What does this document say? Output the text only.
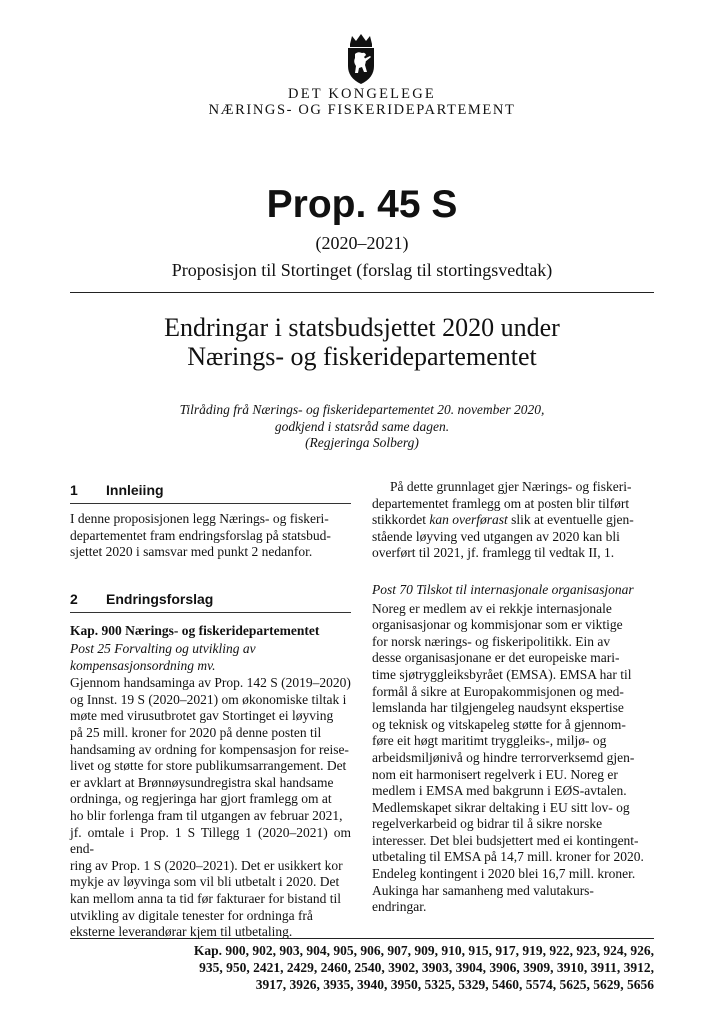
DET KONGELEGE
NÆRINGS- OG FISKERIDEPARTEMENT
Prop. 45 S
(2020–2021)
Proposisjon til Stortinget (forslag til stortingsvedtak)
Endringar i statsbudsjettet 2020 under
Nærings- og fiskeridepartementet
Tilråding frå Nærings- og fiskeridepartementet 20. november 2020,
godkjend i statsråd same dagen.
(Regjeringa Solberg)
1 Innleiing
I denne proposisjonen legg Nærings- og fiskeri-
departementet fram endringsforslag på statsbud-
sjettet 2020 i samsvar med punkt 2 nedanfor.
2 Endringsforslag
Kap. 900 Nærings- og fiskeridepartementet
Post 25 Forvalting og utvikling av
kompensasjonsordning mv.
Gjennom handsaminga av Prop. 142 S (2019–2020)
og Innst. 19 S (2020–2021) om økonomiske tiltak i
møte med virusutbrotet gav Stortinget ei løyving
på 25 mill. kroner for 2020 på denne posten til
handsaming av ordning for kompensasjon for reise-
livet og støtte for store publikumsarrangement. Det
er avklart at Brønnøysundregistra skal handsame
ordninga, og regjeringa har gjort framlegg om at
ho blir forlenga fram til utgangen av februar 2021,
jf. omtale i Prop. 1 S Tillegg 1 (2020–2021) om end-
ring av Prop. 1 S (2020–2021). Det er usikkert kor
mykje av løyvinga som vil bli utbetalt i 2020. Det
kan mellom anna ta tid før fakturaer for bistand til
utvikling av digitale tenester for ordninga frå
eksterne leverandørar kjem til utbetaling.
På dette grunnlaget gjer Nærings- og fiskeri-
departementet framlegg om at posten blir tilført
stikkordet kan overførast slik at eventuelle gjen-
stående løyving ved utgangen av 2020 kan bli
overført til 2021, jf. framlegg til vedtak II, 1.
Post 70 Tilskot til internasjonale organisasjonar
Noreg er medlem av ei rekkje internasjonale
organisasjonar og kommisjonar som er viktige
for norsk nærings- og fiskeripolitikk. Ein av
desse organisasjonane er det europeiske mari-
time sjøtryggleiksbyrået (EMSA). EMSA har til
formål å sikre at Europakommisjonen og med-
lemslanda har tilgjengeleg naudsynt ekspertise
og teknisk og vitskapeleg støtte for å gjennom-
føre eit høgt maritimt tryggleiks-, miljø- og
arbeidsmiljønivå og hindre terrorverksemd gjen-
nom eit harmonisert regelverk i EU. Noreg er
medlem i EMSA med bakgrunn i EØS-avtalen.
Medlemskapet sikrar deltaking i EU sitt lov- og
regelverkarbeid og bidrar til å sikre norske
interesser. Det blei budsjettert med ei kontingent-
utbetaling til EMSA på 14,7 mill. kroner for 2020.
Endeleg kontingent i 2020 blei 16,7 mill. kroner.
Aukinga har samanheng med valutakurs-
endringar.
Kap. 900, 902, 903, 904, 905, 906, 907, 909, 910, 915, 917, 919, 922, 923, 924, 926,
935, 950, 2421, 2429, 2460, 2540, 3902, 3903, 3904, 3906, 3909, 3910, 3911, 3912,
3917, 3926, 3935, 3940, 3950, 5325, 5329, 5460, 5574, 5625, 5629, 5656
